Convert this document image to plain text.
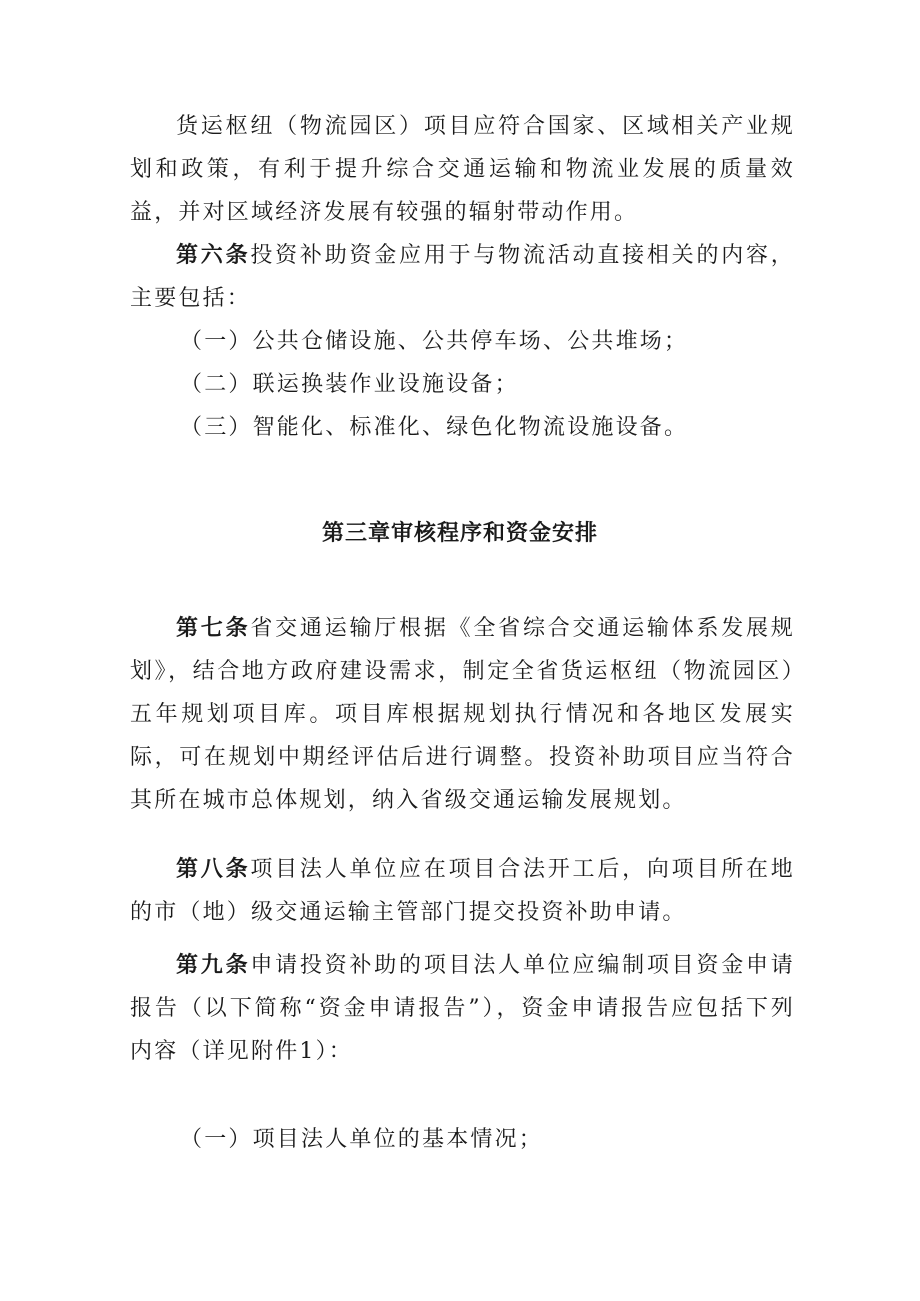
货运枢纽（物流园区）项目应符合国家、区域相关产业规划和政策，有利于提升综合交通运输和物流业发展的质量效益，并对区域经济发展有较强的辐射带动作用。

第六条投资补助资金应用于与物流活动直接相关的内容，主要包括：

（一）公共仓储设施、公共停车场、公共堆场；

（二）联运换装作业设施设备；

（三）智能化、标准化、绿色化物流设施设备。

第三章审核程序和资金安排

第七条省交通运输厅根据《全省综合交通运输体系发展规划》，结合地方政府建设需求，制定全省货运枢纽（物流园区）五年规划项目库。项目库根据规划执行情况和各地区发展实际，可在规划中期经评估后进行调整。投资补助项目应当符合其所在城市总体规划，纳入省级交通运输发展规划。

第八条项目法人单位应在项目合法开工后，向项目所在地的市（地）级交通运输主管部门提交投资补助申请。

第九条申请投资补助的项目法人单位应编制项目资金申请报告（以下简称“资金申请报告”），资金申请报告应包括下列内容（详见附件1）：

（一）项目法人单位的基本情况；
